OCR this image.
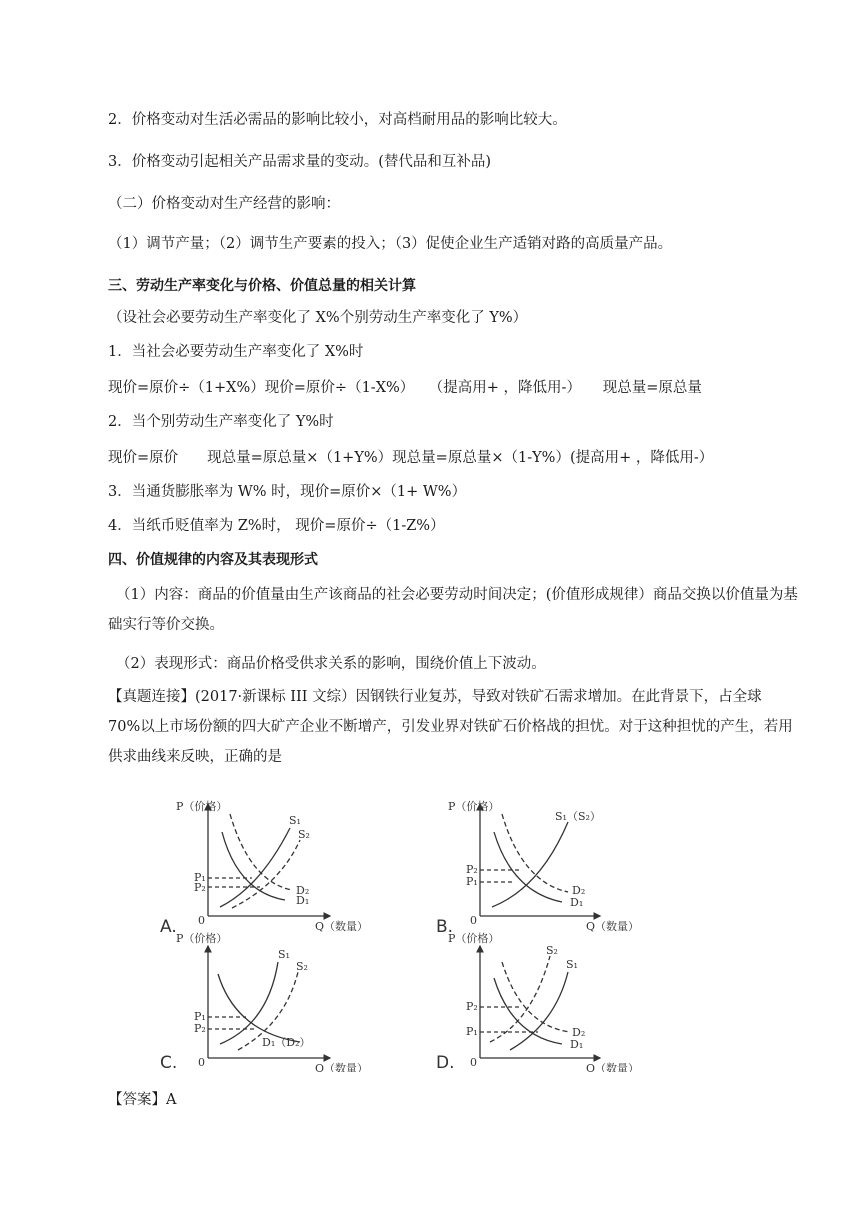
2．价格变动对生活必需品的影响比较小，对高档耐用品的影响比较大。
3．价格变动引起相关产品需求量的变动。(替代品和互补品)
（二）价格变动对生产经营的影响：
（1）调节产量；（2）调节生产要素的投入；（3）促使企业生产适销对路的高质量产品。
三、劳动生产率变化与价格、价值总量的相关计算
（设社会必要劳动生产率变化了 X%个别劳动生产率变化了 Y%）
1．当社会必要劳动生产率变化了 X%时
现价=原价÷（1+X%）现价=原价÷（1-X%）　　（提高用+ ，降低用-）　　现总量=原总量
2．当个别劳动生产率变化了 Y%时
现价=原价　　现总量=原总量×（1+Y%）现总量=原总量×（1-Y%）(提高用+ ，降低用-）
3．当通货膨胀率为 W% 时，现价=原价×（1+ W%）
4．当纸币贬值率为 Z%时， 现价=原价÷（1-Z%）
四、价值规律的内容及其表现形式
（1）内容：商品的价值量由生产该商品的社会必要劳动时间决定；(价值形成规律）商品交换以价值量为基础实行等价交换。
（2）表现形式：商品价格受供求关系的影响，围绕价值上下波动。
【真题连接】(2017·新课标 III 文综）因钢铁行业复苏，导致对铁矿石需求增加。在此背景下，占全球 70%以上市场份额的四大矿产企业不断增产，引发业界对铁矿石价格战的担忧。对于这种担忧的产生，若用供求曲线来反映，正确的是
P（价格）
Q（数量）
0
S₁
S₂
D₁
D₂
P₁
P₂
A.
P（价格）
Q（数量）
0
S₁（S₂）
D₁
D₂
P₂
P₁
B.
P（价格）
Q（数量）
0
S₁
S₂
D₁（D₂）
P₁
P₂
C.
P（价格）
Q（数量）
0
S₂
S₁
D₁
D₂
P₂
P₁
D.
【答案】A
